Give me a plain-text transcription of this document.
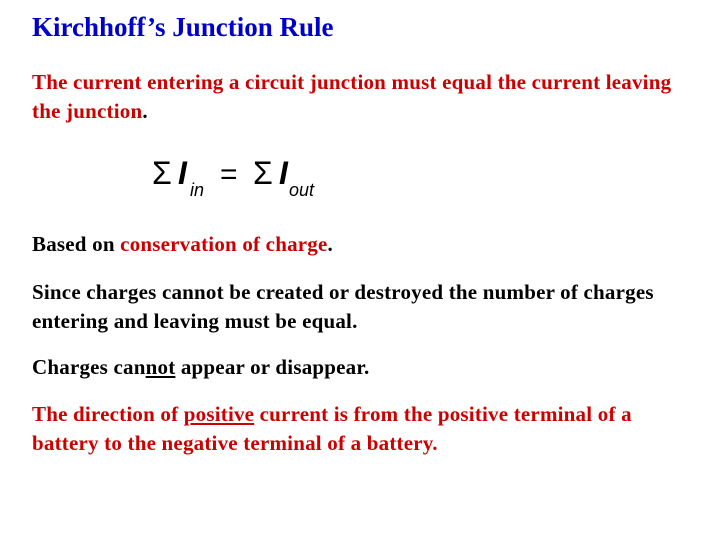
Kirchhoff’s Junction Rule

The current entering a circuit junction must equal the current leaving the junction.

Σ I in = Σ I out

Based on conservation of charge.

Since charges cannot be created or destroyed the number of charges entering and leaving must be equal.

Charges cannot appear or disappear.

The direction of positive current is from the positive terminal of a battery to the negative terminal of a battery.
